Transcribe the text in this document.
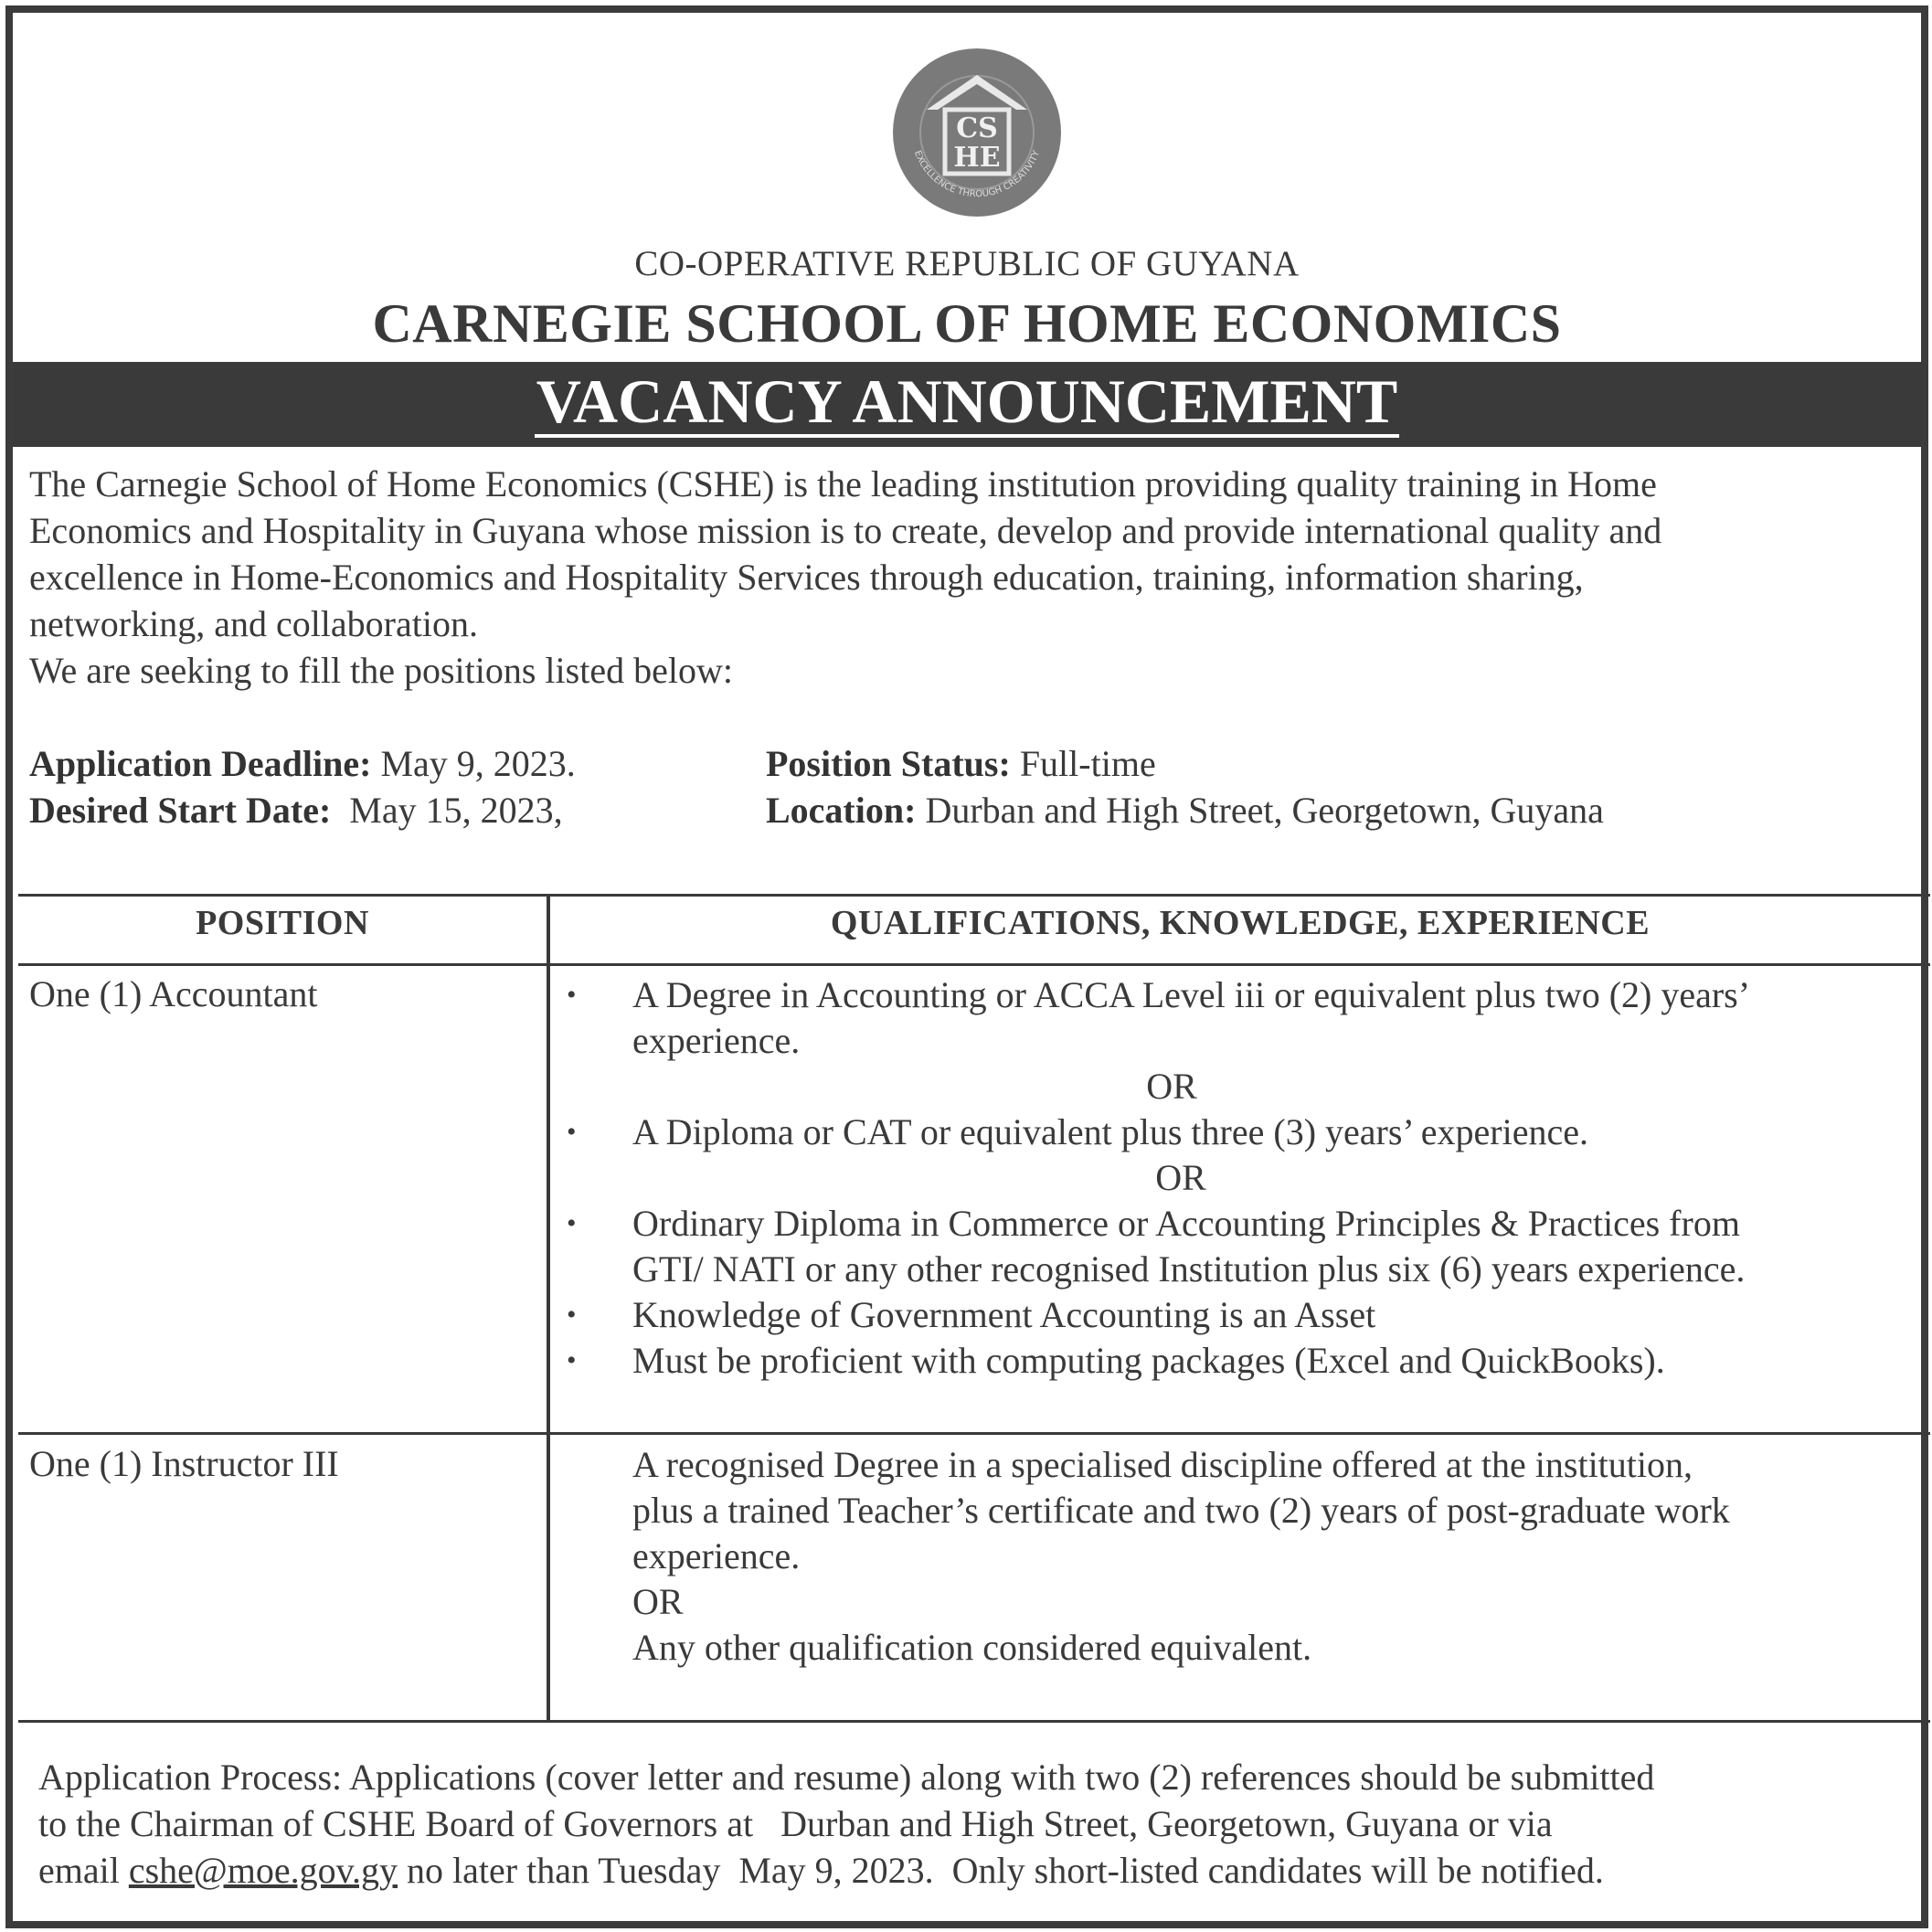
CS
HE
EXCELLENCE THROUGH CREATIVITY
CO-OPERATIVE REPUBLIC OF GUYANA
CARNEGIE SCHOOL OF HOME ECONOMICS
VACANCY ANNOUNCEMENT
The Carnegie School of Home Economics (CSHE) is the leading institution providing quality training in Home
Economics and Hospitality in Guyana whose mission is to create, develop and provide international quality and
excellence in Home-Economics and Hospitality Services through education, training, information sharing,
networking, and collaboration.
We are seeking to fill the positions listed below:
Application Deadline: May 9, 2023.	Position Status: Full-time
Desired Start Date: May 15, 2023,	Location: Durban and High Street, Georgetown, Guyana
POSITION	QUALIFICATIONS, KNOWLEDGE, EXPERIENCE
One (1) Accountant
•	A Degree in Accounting or ACCA Level iii or equivalent plus two (2) years’
experience.
OR
• A Diploma or CAT or equivalent plus three (3) years’ experience.
OR
• Ordinary Diploma in Commerce or Accounting Principles & Practices from
GTI/ NATI or any other recognised Institution plus six (6) years experience.
• Knowledge of Government Accounting is an Asset
• Must be proficient with computing packages (Excel and QuickBooks).
One (1) Instructor III	A recognised Degree in a specialised discipline offered at the institution,
plus a trained Teacher’s certificate and two (2) years of post-graduate work
experience.
OR
Any other qualification considered equivalent.
Application Process: Applications (cover letter and resume) along with two (2) references should be submitted
to the Chairman of CSHE Board of Governors at   Durban and High Street, Georgetown, Guyana or via
email cshe@moe.gov.gy no later than Tuesday  May 9, 2023.  Only short-listed candidates will be notified.
